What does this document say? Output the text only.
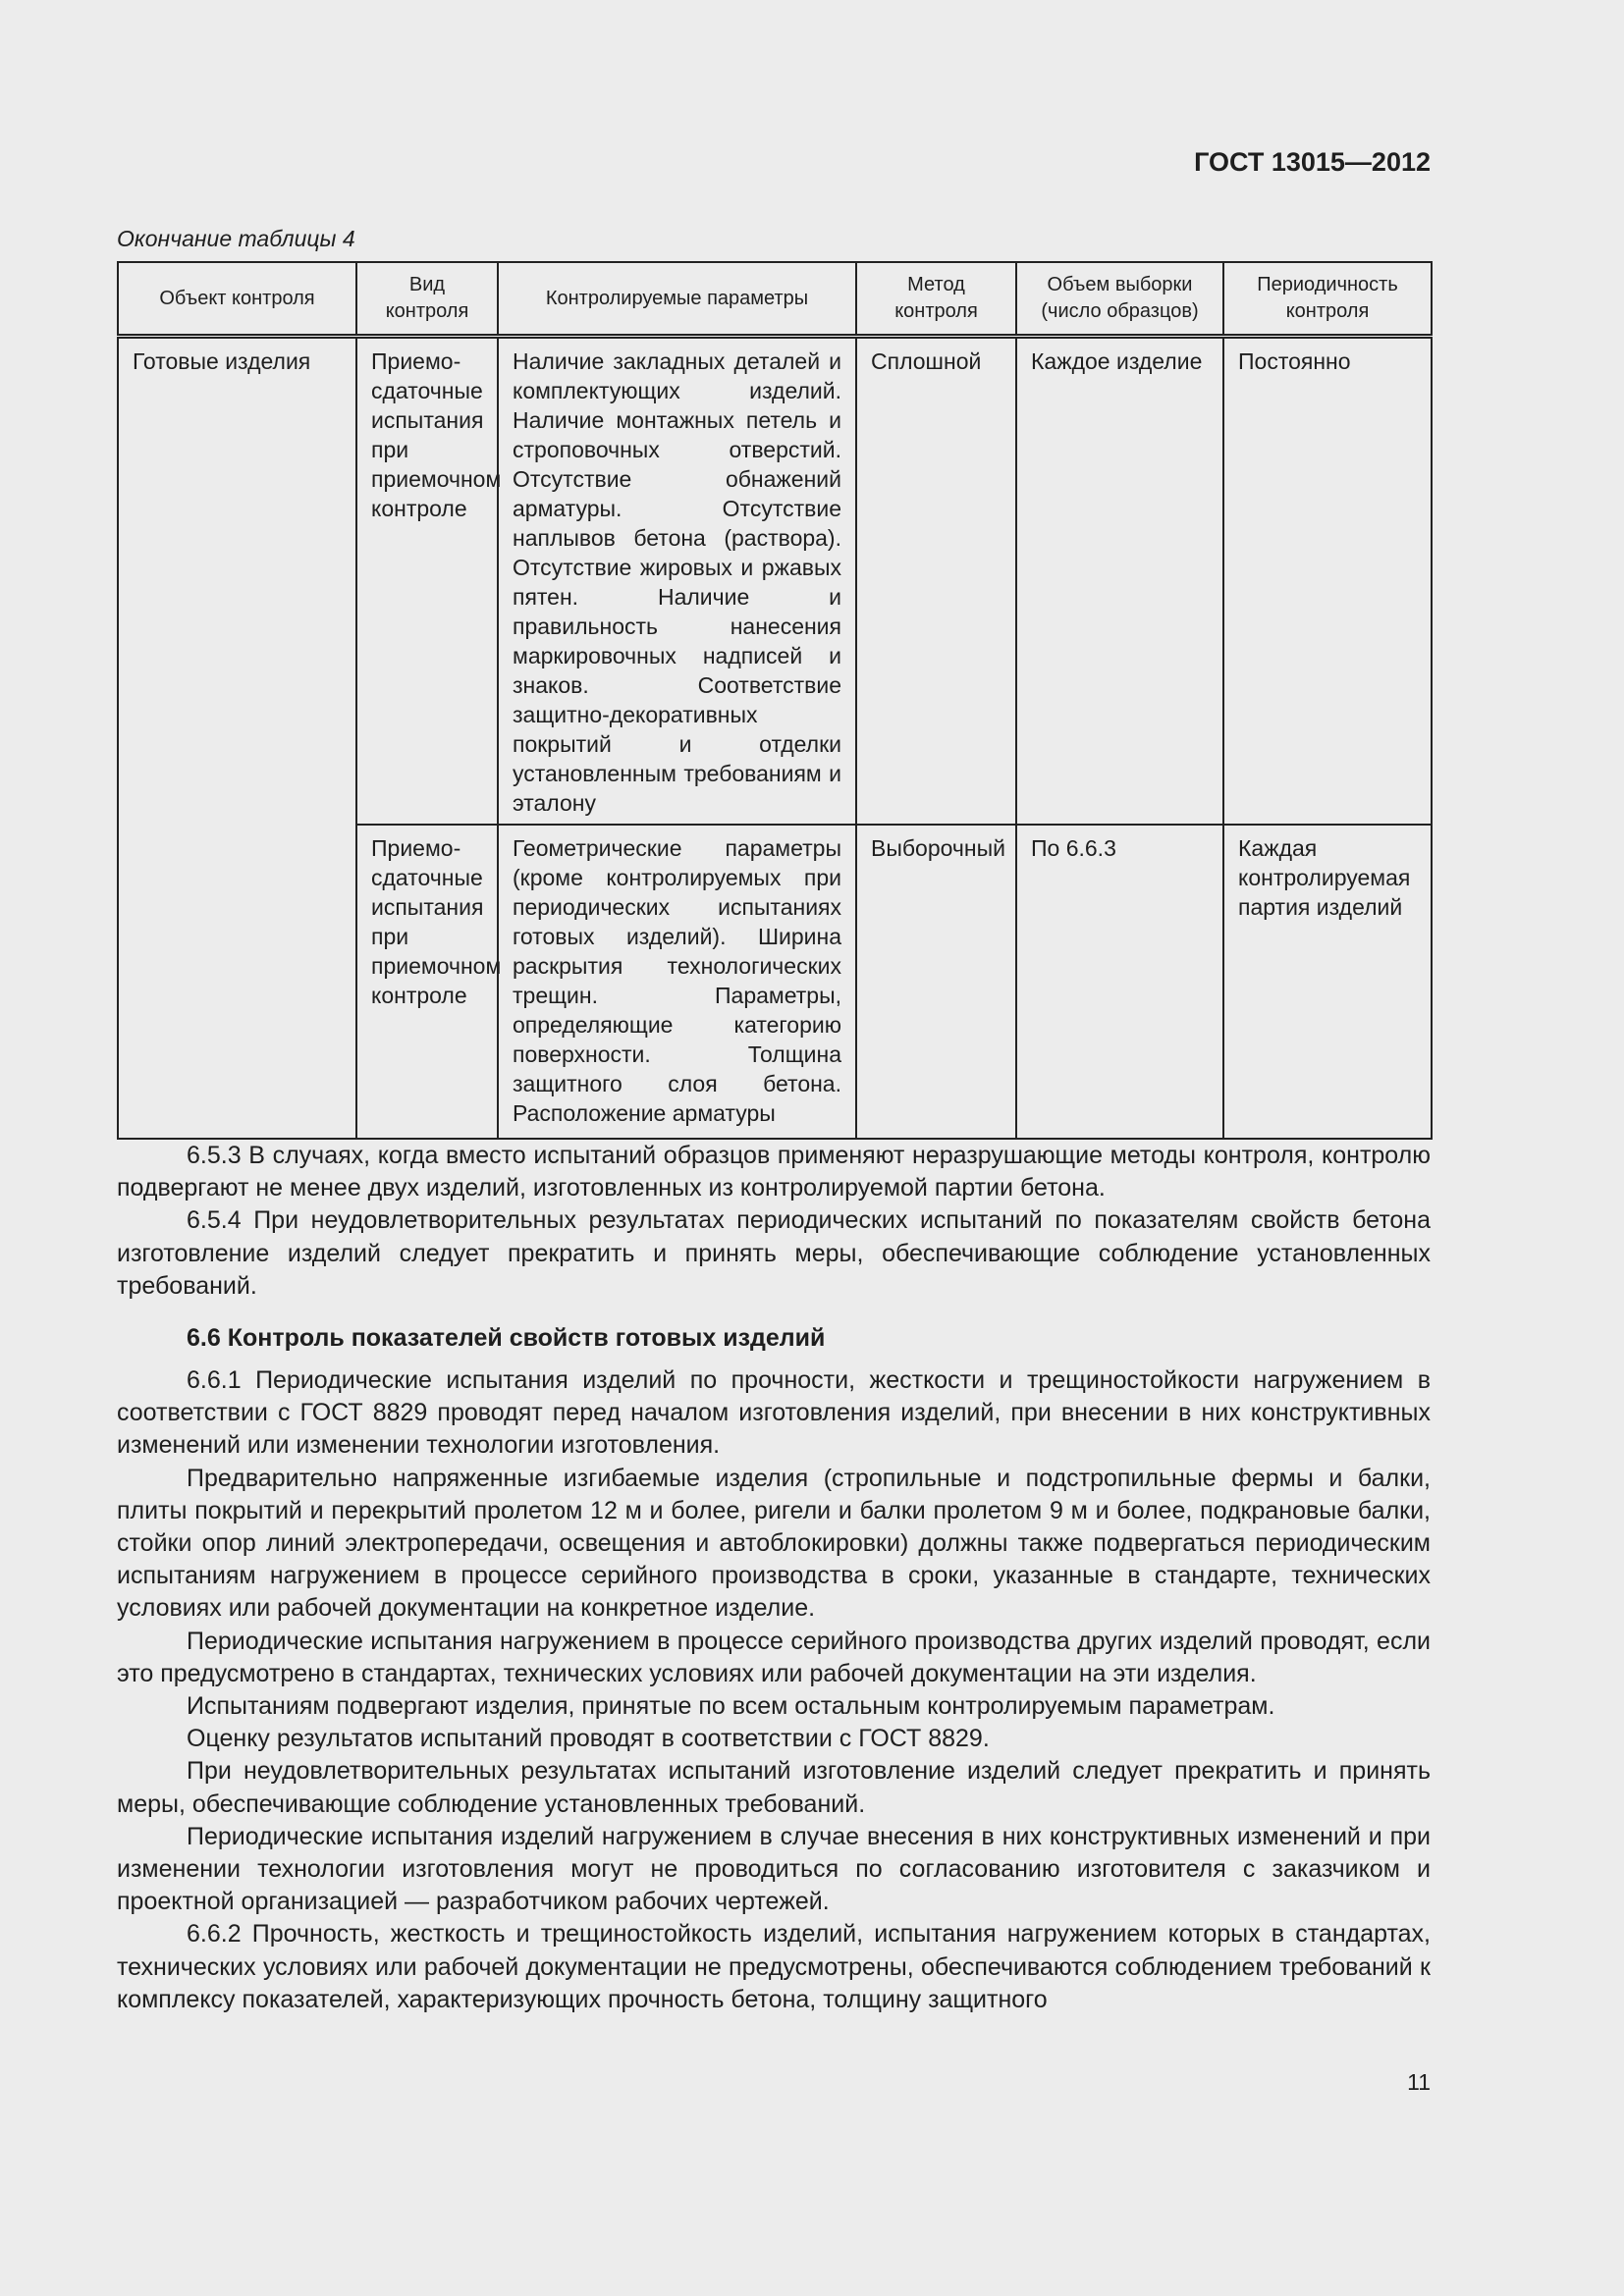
ГОСТ 13015—2012
Окончание таблицы 4
Объект контроля	Вид контроля	Контролируемые параметры	Метод контроля	Объем выборки (число образцов)	Периодичность контроля
Готовые изделия	Приемо-сдаточные испытания при приемочном контроле	Наличие закладных деталей и комплектующих изделий. Наличие монтажных петель и строповочных отверстий. Отсутствие обнажений арматуры. Отсутствие наплывов бетона (раствора). Отсутствие жировых и ржавых пятен. Наличие и правильность нанесения маркировочных надписей и знаков. Соответствие защитно-декоративных покрытий и отделки установленным требованиям и эталону	Сплошной	Каждое изделие	Постоянно
	Приемо-сдаточные испытания при приемочном контроле	Геометрические параметры (кроме контролируемых при периодических испытаниях готовых изделий). Ширина раскрытия технологических трещин. Параметры, определяющие категорию поверхности. Толщина защитного слоя бетона. Расположение арматуры	Выборочный	По 6.6.3	Каждая контролируемая партия изделий

6.5.3 В случаях, когда вместо испытаний образцов применяют неразрушающие методы контроля, контролю подвергают не менее двух изделий, изготовленных из контролируемой партии бетона.

6.5.4 При неудовлетворительных результатах периодических испытаний по показателям свойств бетона изготовление изделий следует прекратить и принять меры, обеспечивающие соблюдение установленных требований.

6.6 Контроль показателей свойств готовых изделий

6.6.1 Периодические испытания изделий по прочности, жесткости и трещиностойкости нагружением в соответствии с ГОСТ 8829 проводят перед началом изготовления изделий, при внесении в них конструктивных изменений или изменении технологии изготовления.

Предварительно напряженные изгибаемые изделия (стропильные и подстропильные фермы и балки, плиты покрытий и перекрытий пролетом 12 м и более, ригели и балки пролетом 9 м и более, подкрановые балки, стойки опор линий электропередачи, освещения и автоблокировки) должны также подвергаться периодическим испытаниям нагружением в процессе серийного производства в сроки, указанные в стандарте, технических условиях или рабочей документации на конкретное изделие.

Периодические испытания нагружением в процессе серийного производства других изделий проводят, если это предусмотрено в стандартах, технических условиях или рабочей документации на эти изделия.

Испытаниям подвергают изделия, принятые по всем остальным контролируемым параметрам.

Оценку результатов испытаний проводят в соответствии с ГОСТ 8829.

При неудовлетворительных результатах испытаний изготовление изделий следует прекратить и принять меры, обеспечивающие соблюдение установленных требований.

Периодические испытания изделий нагружением в случае внесения в них конструктивных изменений и при изменении технологии изготовления могут не проводиться по согласованию изготовителя с заказчиком и проектной организацией — разработчиком рабочих чертежей.

6.6.2 Прочность, жесткость и трещиностойкость изделий, испытания нагружением которых в стандартах, технических условиях или рабочей документации не предусмотрены, обеспечиваются соблюдением требований к комплексу показателей, характеризующих прочность бетона, толщину защитного

11
